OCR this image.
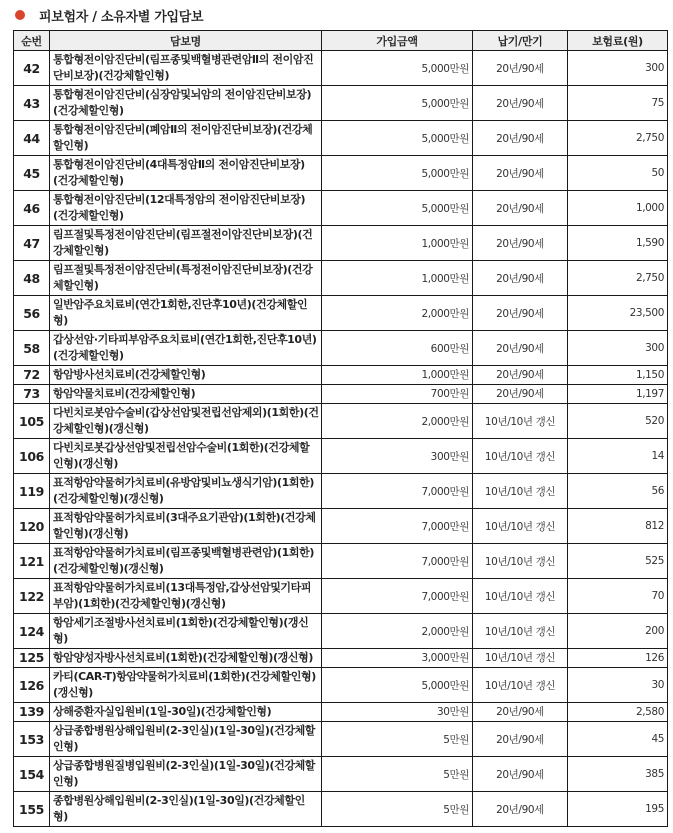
피보험자 / 소유자별 가입담보
순번	담보명	가입금액	납기/만기	보험료(원)
42	통합형전이암진단비(림프종및백혈병관련암Ⅱ의 전이암진단비보장)(건강체할인형)	5,000만원	20년/90세	300
43	통합형전이암진단비(심장암및뇌암의 전이암진단비보장)(건강체할인형)	5,000만원	20년/90세	75
44	통합형전이암진단비(폐암Ⅱ의 전이암진단비보장)(건강체할인형)	5,000만원	20년/90세	2,750
45	통합형전이암진단비(4대특정암Ⅱ의 전이암진단비보장)(건강체할인형)	5,000만원	20년/90세	50
46	통합형전이암진단비(12대특정암의 전이암진단비보장)(건강체할인형)	5,000만원	20년/90세	1,000
47	림프절및특정전이암진단비(림프절전이암진단비보장)(건강체할인형)	1,000만원	20년/90세	1,590
48	림프절및특정전이암진단비(특정전이암진단비보장)(건강체할인형)	1,000만원	20년/90세	2,750
56	일반암주요치료비(연간1회한,진단후10년)(건강체할인형)	2,000만원	20년/90세	23,500
58	갑상선암·기타피부암주요치료비(연간1회한,진단후10년)(건강체할인형)	600만원	20년/90세	300
72	항암방사선치료비(건강체할인형)	1,000만원	20년/90세	1,150
73	항암약물치료비(건강체할인형)	700만원	20년/90세	1,197
105	다빈치로봇암수술비(갑상선암및전립선암제외)(1회한)(건강체할인형)(갱신형)	2,000만원	10년/10년 갱신	520
106	다빈치로봇갑상선암및전립선암수술비(1회한)(건강체할인형)(갱신형)	300만원	10년/10년 갱신	14
119	표적항암약물허가치료비(유방암및비뇨생식기암)(1회한)(건강체할인형)(갱신형)	7,000만원	10년/10년 갱신	56
120	표적항암약물허가치료비(3대주요기관암)(1회한)(건강체할인형)(갱신형)	7,000만원	10년/10년 갱신	812
121	표적항암약물허가치료비(림프종및백혈병관련암)(1회한)(건강체할인형)(갱신형)	7,000만원	10년/10년 갱신	525
122	표적항암약물허가치료비(13대특정암,갑상선암및기타피부암)(1회한)(건강체할인형)(갱신형)	7,000만원	10년/10년 갱신	70
124	항암세기조절방사선치료비(1회한)(건강체할인형)(갱신형)	2,000만원	10년/10년 갱신	200
125	항암양성자방사선치료비(1회한)(건강체할인형)(갱신형)	3,000만원	10년/10년 갱신	126
126	카티(CAR-T)항암약물허가치료비(1회한)(건강체할인형)(갱신형)	5,000만원	10년/10년 갱신	30
139	상해중환자실입원비(1일-30일)(건강체할인형)	30만원	20년/90세	2,580
153	상급종합병원상해입원비(2-3인실)(1일-30일)(건강체할인형)	5만원	20년/90세	45
154	상급종합병원질병입원비(2-3인실)(1일-30일)(건강체할인형)	5만원	20년/90세	385
155	종합병원상해입원비(2-3인실)(1일-30일)(건강체할인형)	5만원	20년/90세	195
